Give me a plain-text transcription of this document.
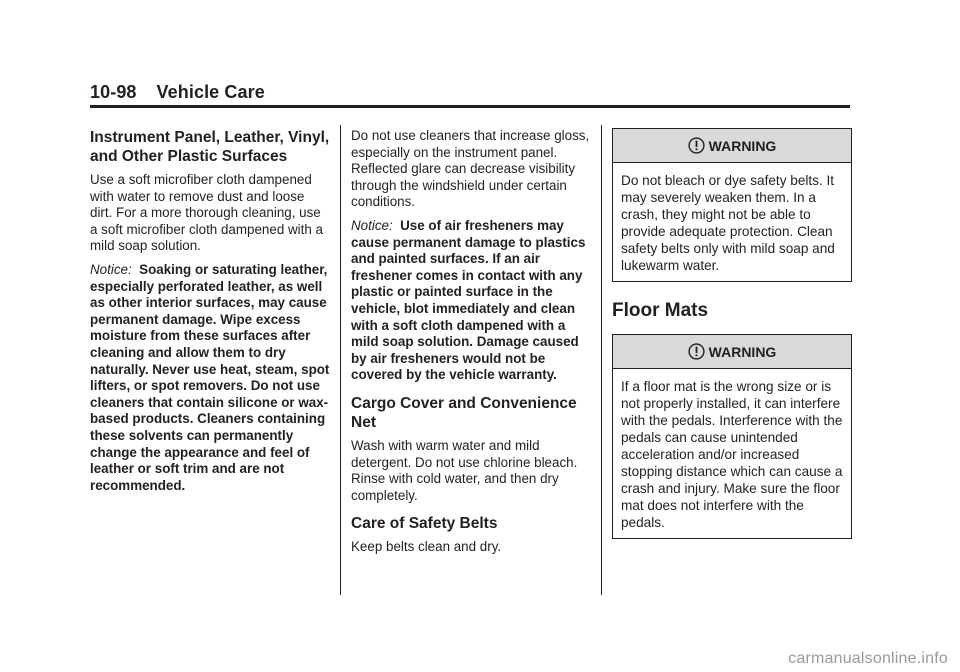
10-98 Vehicle Care
Instrument Panel, Leather, Vinyl, and Other Plastic Surfaces

Use a soft microfiber cloth dampened with water to remove dust and loose dirt. For a more thorough cleaning, use a soft microfiber cloth dampened with a mild soap solution.

Notice: Soaking or saturating leather, especially perforated leather, as well as other interior surfaces, may cause permanent damage. Wipe excess moisture from these surfaces after cleaning and allow them to dry naturally. Never use heat, steam, spot lifters, or spot removers. Do not use cleaners that contain silicone or wax-based products. Cleaners containing these solvents can permanently change the appearance and feel of leather or soft trim and are not recommended.

Do not use cleaners that increase gloss, especially on the instrument panel. Reflected glare can decrease visibility through the windshield under certain conditions.

Notice: Use of air fresheners may cause permanent damage to plastics and painted surfaces. If an air freshener comes in contact with any plastic or painted surface in the vehicle, blot immediately and clean with a soft cloth dampened with a mild soap solution. Damage caused by air fresheners would not be covered by the vehicle warranty.

Cargo Cover and Convenience Net

Wash with warm water and mild detergent. Do not use chlorine bleach. Rinse with cold water, and then dry completely.

Care of Safety Belts

Keep belts clean and dry.

WARNING
Do not bleach or dye safety belts. It may severely weaken them. In a crash, they might not be able to provide adequate protection. Clean safety belts only with mild soap and lukewarm water.
Floor Mats
WARNING
If a floor mat is the wrong size or is not properly installed, it can interfere with the pedals. Interference with the pedals can cause unintended acceleration and/or increased stopping distance which can cause a crash and injury. Make sure the floor mat does not interfere with the pedals.
carmanualsonline.info
